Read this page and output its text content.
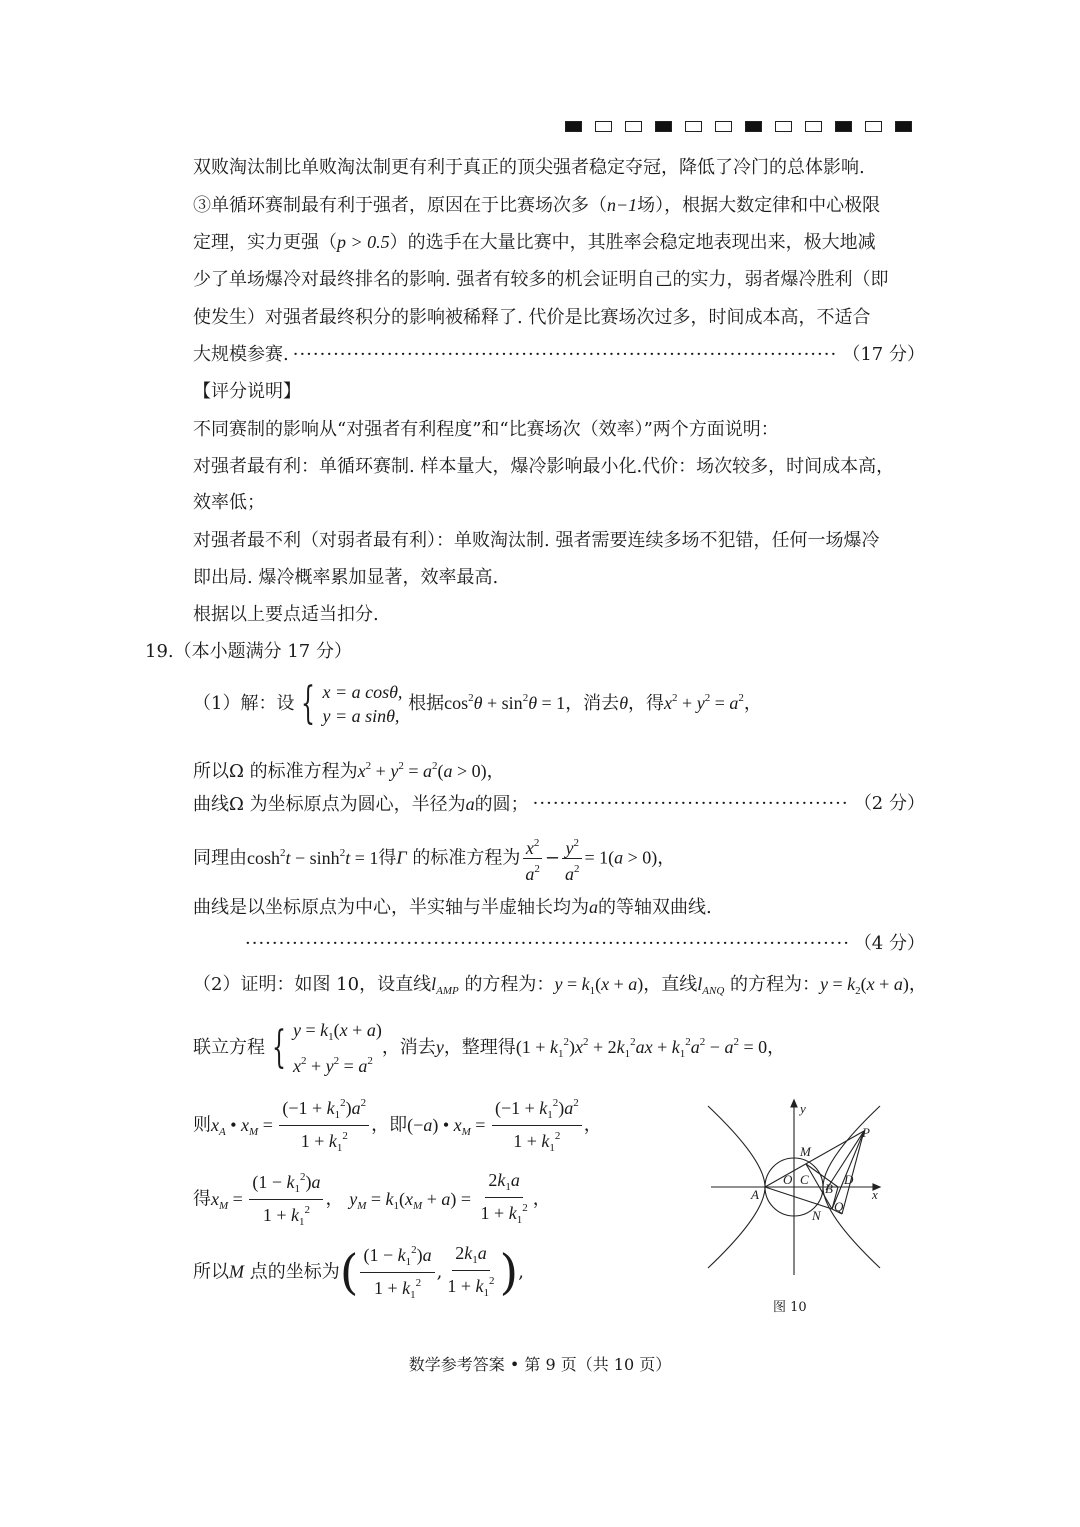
双败淘汰制比单败淘汰制更有利于真正的顶尖强者稳定夺冠，降低了冷门的总体影响.
③单循环赛制最有利于强者，原因在于比赛场次多（n−1场），根据大数定律和中心极限
定理，实力更强（p > 0.5）的选手在大量比赛中，其胜率会稳定地表现出来，极大地减
少了单场爆冷对最终排名的影响. 强者有较多的机会证明自己的实力，弱者爆冷胜利（即
使发生）对强者最终积分的影响被稀释了. 代价是比赛场次过多，时间成本高，不适合
大规模参赛. ·····	（17 分）
【评分说明】
不同赛制的影响从“对强者有利程度”和“比赛场次（效率）”两个方面说明：
对强者最有利：单循环赛制. 样本量大，爆冷影响最小化.代价：场次较多，时间成本高，
效率低；
对强者最不利（对弱者最有利）：单败淘汰制. 强者需要连续多场不犯错，任何一场爆冷
即出局. 爆冷概率累加显著，效率最高.
根据以上要点适当扣分.
19.（本小题满分 17 分）
（1）解：设 { x = a cosθ,
y = a sinθ,
根据$\cos^2\theta + \sin^2\theta = 1$，消去θ，得$x^2 + y^2 = a^2$，
所以Ω 的标准方程为$x^2 + y^2 = a^2(a > 0)$，
曲线Ω 为坐标原点为圆心，半径为a的圆； ·····	（2 分）
同理由$\cosh^2t - \sinh^2t = 1$得Γ 的标准方程为 $\frac{x^2}{a^2} - \frac{y^2}{a^2} = 1(a > 0)$，
曲线是以坐标原点为中心，半实轴与半虚轴长均为a的等轴双曲线.
·····
（4 分）
（2）证明：如图 10，设直线$l_{AMP}$ 的方程为：$y = k_1(x + a)$，直线$l_{ANQ}$ 的方程为：$y = k_2(x + a)$，
联立方程 { $y = k_1(x + a)$
$x^2 + y^2 = a^2$
，消去y，整理得$(1 + k_1^2)x^2 + 2k_1^2ax + k_1^2a^2 - a^2 = 0$，
则$x_A$ • $x_M = \frac{(-1 + k_1^2)a^2}{1 + k_1^2}$ ，即(−a) • $x_M = \frac{(-1 + k_1^2)a^2}{1 + k_1^2}$ ，
得$x_M = \frac{(1 - k_1^2)a}{1 + k_1^2}$ ， $y_M = k_1(x_M + a) = \frac{2k_1a}{1 + k_1^2}$ ，
所以M 点的坐标为( $\frac{(1 - k_1^2)a}{1 + k_1^2}$ , $\frac{2k_1a}{1 + k_1^2}$ ),
y
x
M
P
O C	D
A	B
N
Q
图 10
数学参考答案 • 第 9 页（共 10 页）
